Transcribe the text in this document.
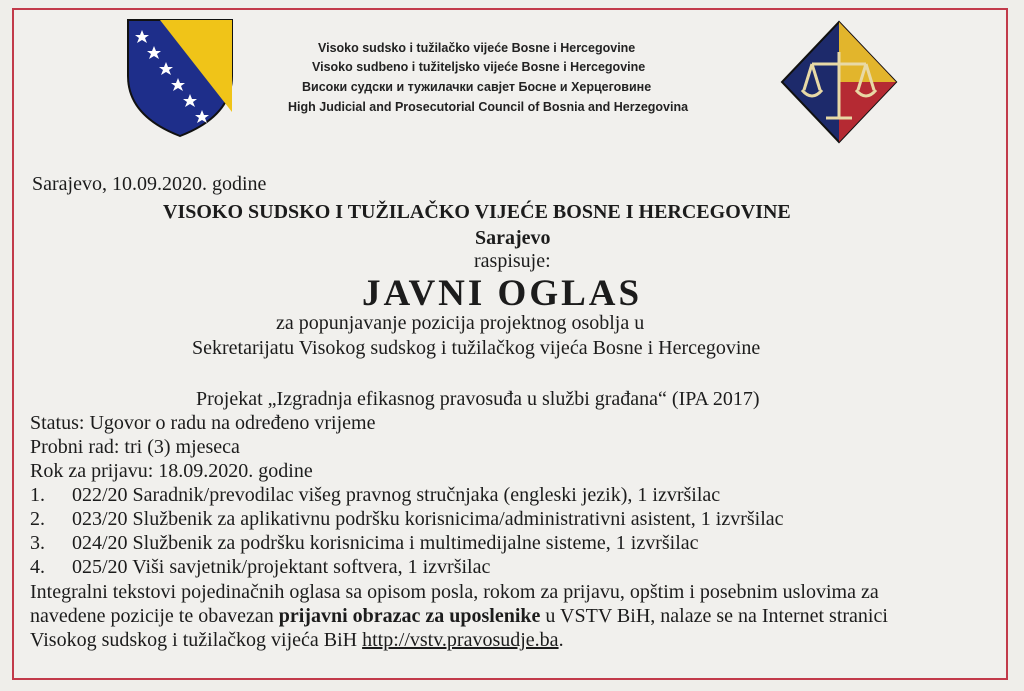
Visoko sudsko i tužilačko vijeće Bosne i Hercegovine
Visoko sudbeno i tužiteljsko vijeće Bosne i Hercegovine
Високи судски и тужилачки савјет Босне и Херцеговине
High Judicial and Prosecutorial Council of Bosnia and Herzegovina
Sarajevo, 10.09.2020. godine
VISOKO SUDSKO I TUŽILAČKO VIJEĆE BOSNE I HERCEGOVINE
Sarajevo
raspisuje:
JAVNI OGLAS
za popunjavanje pozicija projektnog osoblja u
Sekretarijatu Visokog sudskog i tužilačkog vijeća Bosne i Hercegovine
Projekat „Izgradnja efikasnog pravosuđa u službi građana“ (IPA 2017)
Status: Ugovor o radu na određeno vrijeme
Probni rad: tri (3) mjeseca
Rok za prijavu: 18.09.2020. godine
1. 022/20 Saradnik/prevodilac višeg pravnog stručnjaka (engleski jezik), 1 izvršilac
2. 023/20 Službenik za aplikativnu podršku korisnicima/administrativni asistent, 1 izvršilac
3. 024/20 Službenik za podršku korisnicima i multimedijalne sisteme, 1 izvršilac
4. 025/20 Viši savjetnik/projektant softvera, 1 izvršilac
Integralni tekstovi pojedinačnih oglasa sa opisom posla, rokom za prijavu, opštim i posebnim uslovima za
navedene pozicije te obavezan prijavni obrazac za uposlenike u VSTV BiH, nalaze se na Internet stranici
Visokog sudskog i tužilačkog vijeća BiH http://vstv.pravosudje.ba.
